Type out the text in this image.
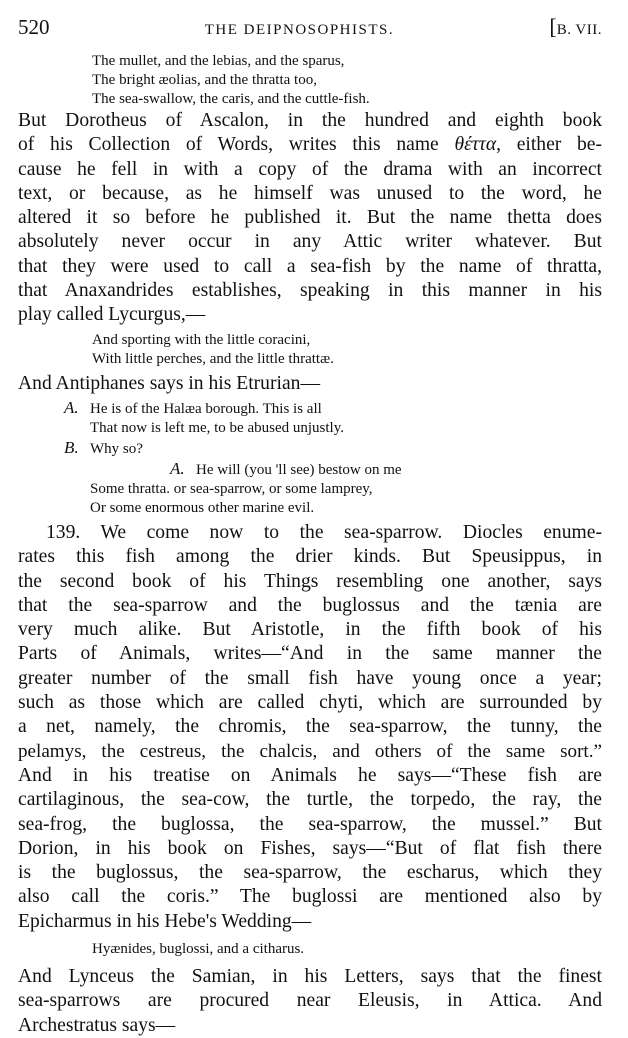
520	THE DEIPNOSOPHISTS.	[B. VII.
The mullet, and the lebias, and the sparus,
The bright æolias, and the thratta too,
The sea-swallow, the caris, and the cuttle-fish.
But Dorotheus of Ascalon, in the hundred and eighth book
of his Collection of Words, writes this name θέττα, either be-
cause he fell in with a copy of the drama with an incorrect
text, or because, as he himself was unused to the word, he
altered it so before he published it. But the name thetta does
absolutely never occur in any Attic writer whatever. But
that they were used to call a sea-fish by the name of thratta,
that Anaxandrides establishes, speaking in this manner in his
play called Lycurgus,—
And sporting with the little coracini,
With little perches, and the little thrattæ.
And Antiphanes says in his Etrurian—
A. He is of the Halæa borough. This is all
That now is left me, to be abused unjustly.
B. Why so?
A. He will (you 'll see) bestow on me
Some thratta. or sea-sparrow, or some lamprey,
Or some enormous other marine evil.
139. We come now to the sea-sparrow. Diocles enume-
rates this fish among the drier kinds. But Speusippus, in
the second book of his Things resembling one another, says
that the sea-sparrow and the buglossus and the tænia are
very much alike. But Aristotle, in the fifth book of his
Parts of Animals, writes—“And in the same manner the
greater number of the small fish have young once a year;
such as those which are called chyti, which are surrounded by
a net, namely, the chromis, the sea-sparrow, the tunny, the
pelamys, the cestreus, the chalcis, and others of the same sort.”
And in his treatise on Animals he says—“These fish are
cartilaginous, the sea-cow, the turtle, the torpedo, the ray, the
sea-frog, the buglossa, the sea-sparrow, the mussel.” But
Dorion, in his book on Fishes, says—“But of flat fish there
is the buglossus, the sea-sparrow, the escharus, which they
also call the coris.” The buglossi are mentioned also by
Epicharmus in his Hebe's Wedding—
Hyænides, buglossi, and a citharus.
And Lynceus the Samian, in his Letters, says that the finest
sea-sparrows are procured near Eleusis, in Attica. And
Archestratus says—
